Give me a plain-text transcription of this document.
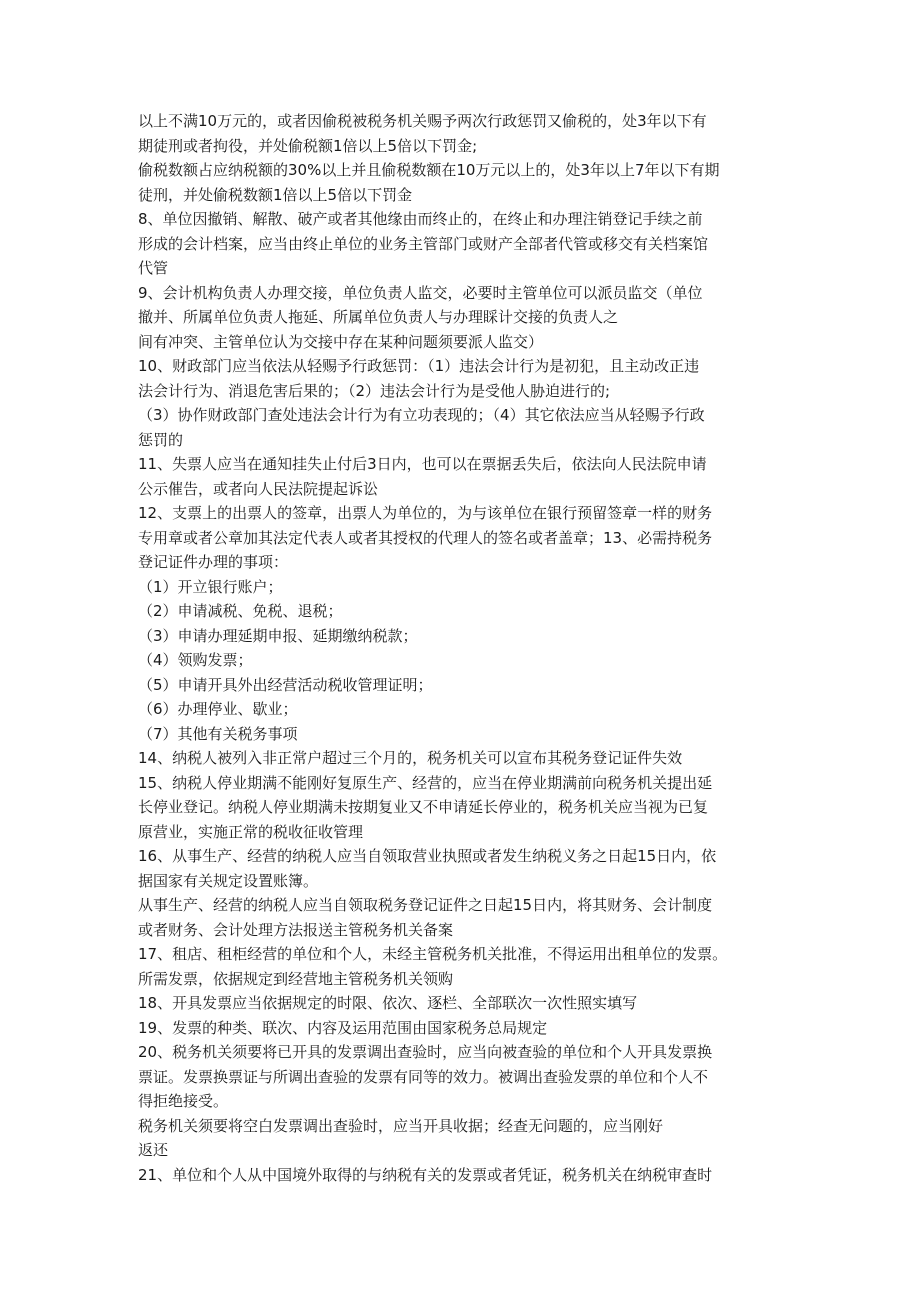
以上不满10万元的，或者因偷税被税务机关赐予两次行政惩罚又偷税的，处3年以下有
期徒刑或者拘役，并处偷税额1倍以上5倍以下罚金;
偷税数额占应纳税额的30%以上并且偷税数额在10万元以上的，处3年以上7年以下有期
徒刑，并处偷税数额1倍以上5倍以下罚金
8、单位因撤销、解散、破产或者其他缘由而终止的，在终止和办理注销登记手续之前
形成的会计档案，应当由终止单位的业务主管部门或财产全部者代管或移交有关档案馆
代管
9、会计机构负责人办理交接，单位负责人监交，必要时主管单位可以派员监交（单位
撤并、所属单位负责人拖延、所属单位负责人与办理睬计交接的负责人之
间有冲突、主管单位认为交接中存在某种问题须要派人监交）
10、财政部门应当依法从轻赐予行政惩罚：（1）违法会计行为是初犯，且主动改正违
法会计行为、消退危害后果的；（2）违法会计行为是受他人胁迫进行的;
（3）协作财政部门查处违法会计行为有立功表现的；（4）其它依法应当从轻赐予行政
惩罚的
11、失票人应当在通知挂失止付后3日内，也可以在票据丢失后，依法向人民法院申请
公示催告，或者向人民法院提起诉讼
12、支票上的出票人的签章，出票人为单位的，为与该单位在银行预留签章一样的财务
专用章或者公章加其法定代表人或者其授权的代理人的签名或者盖章；13、必需持税务
登记证件办理的事项：
（1）开立银行账户；
（2）申请减税、免税、退税；
（3）申请办理延期申报、延期缴纳税款；
（4）领购发票；
（5）申请开具外出经营活动税收管理证明；
（6）办理停业、歇业；
（7）其他有关税务事项
14、纳税人被列入非正常户超过三个月的，税务机关可以宣布其税务登记证件失效
15、纳税人停业期满不能刚好复原生产、经营的，应当在停业期满前向税务机关提出延
长停业登记。纳税人停业期满未按期复业又不申请延长停业的，税务机关应当视为已复
原营业，实施正常的税收征收管理
16、从事生产、经营的纳税人应当自领取营业执照或者发生纳税义务之日起15日内，依
据国家有关规定设置账簿。
从事生产、经营的纳税人应当自领取税务登记证件之日起15日内，将其财务、会计制度
或者财务、会计处理方法报送主管税务机关备案
17、租店、租柜经营的单位和个人，未经主管税务机关批准，不得运用出租单位的发票。
所需发票，依据规定到经营地主管税务机关领购
18、开具发票应当依据规定的时限、依次、逐栏、全部联次一次性照实填写
19、发票的种类、联次、内容及运用范围由国家税务总局规定
20、税务机关须要将已开具的发票调出查验时，应当向被查验的单位和个人开具发票换
票证。发票换票证与所调出查验的发票有同等的效力。被调出查验发票的单位和个人不
得拒绝接受。
税务机关须要将空白发票调出查验时，应当开具收据；经查无问题的，应当刚好
返还
21、单位和个人从中国境外取得的与纳税有关的发票或者凭证，税务机关在纳税审查时
